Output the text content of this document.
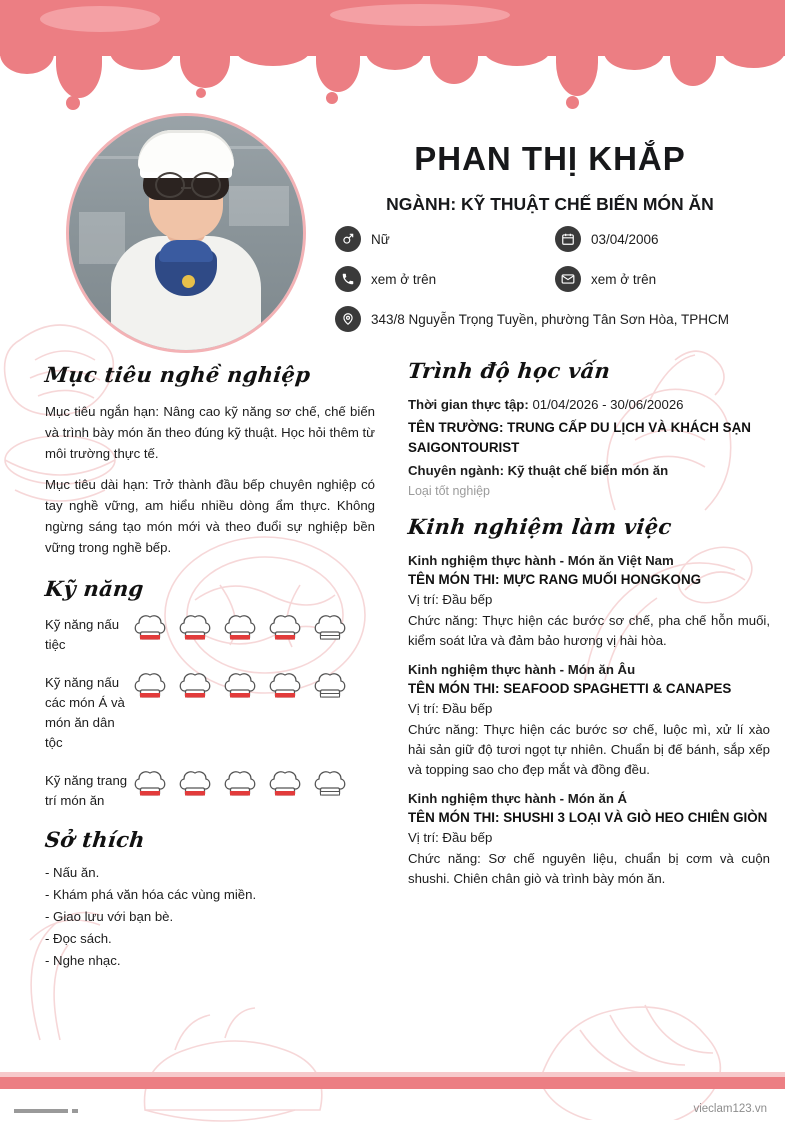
PHAN THỊ KHẮP
NGÀNH: KỸ THUẬT CHẾ BIẾN MÓN ĂN
Nữ	03/04/2006
xem ở trên	xem ở trên
343/8 Nguyễn Trọng Tuyền, phường Tân Sơn Hòa, TPHCM
Mục tiêu nghề nghiệp

Mục tiêu ngắn hạn: Nâng cao kỹ năng sơ chế, chế biến và trình bày món ăn theo đúng kỹ thuật. Học hỏi thêm từ môi trường thực tế.

Mục tiêu dài hạn: Trở thành đầu bếp chuyên nghiệp có tay nghề vững, am hiểu nhiều dòng ẩm thực. Không ngừng sáng tạo món mới và theo đuổi sự nghiệp bền vững trong nghề bếp.

Kỹ năng
Kỹ năng nấu tiệc
Kỹ năng nấu các món Á và món ăn dân tộc
Kỹ năng trang trí món ăn
Sở thích
- Nấu ăn.
- Khám phá văn hóa các vùng miền.
- Giao lưu với bạn bè.
- Đọc sách.
- Nghe nhạc.
Trình độ học vấn
Thời gian thực tập: 01/04/2026 - 30/06/20026
TÊN TRƯỜNG: TRUNG CẤP DU LỊCH VÀ KHÁCH SẠN SAIGONTOURIST
Chuyên ngành: Kỹ thuật chế biến món ăn
Loại tốt nghiệp
Kinh nghiệm làm việc
Kinh nghiệm thực hành - Món ăn Việt Nam
TÊN MÓN THI: MỰC RANG MUỐI HONGKONG
Vị trí: Đầu bếp
Chức năng: Thực hiện các bước sơ chế, pha chế hỗn muối, kiểm soát lửa và đảm bảo hương vị hài hòa.
Kinh nghiệm thực hành - Món ăn Âu
TÊN MÓN THI: SEAFOOD SPAGHETTI & CANAPES
Vị trí: Đầu bếp
Chức năng: Thực hiện các bước sơ chế, luộc mì, xử lí xào hải sản giữ độ tươi ngọt tự nhiên. Chuẩn bị đế bánh, sắp xếp và topping sao cho đẹp mắt và đồng đều.
Kinh nghiệm thực hành - Món ăn Á
TÊN MÓN THI: SHUSHI 3 LOẠI VÀ GIÒ HEO CHIÊN GIÒN
Vị trí: Đầu bếp
Chức năng: Sơ chế nguyên liệu, chuẩn bị cơm và cuộn shushi. Chiên chân giò và trình bày món ăn.
vieclam123.vn
